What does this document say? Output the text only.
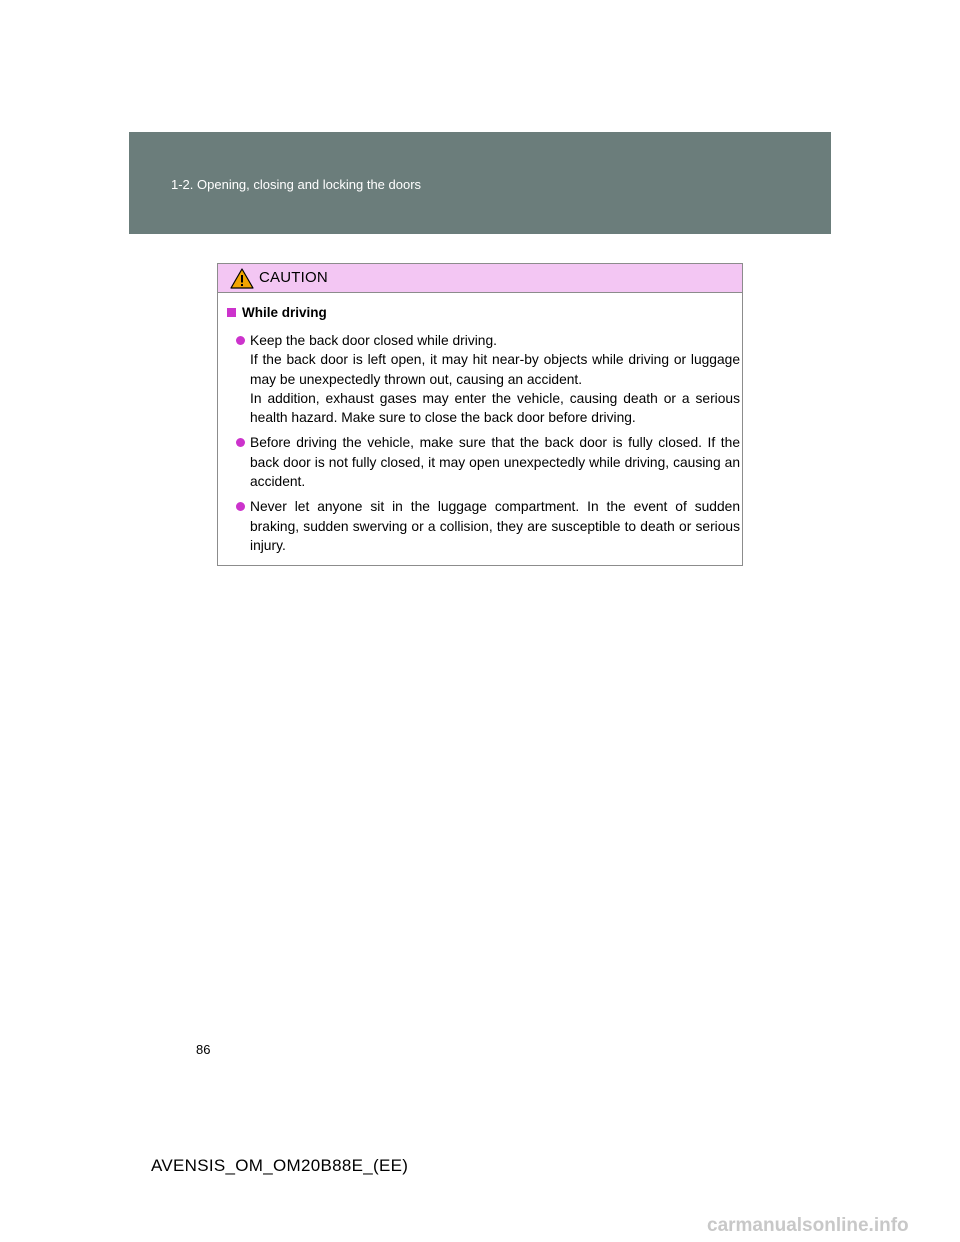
1-2. Opening, closing and locking the doors
CAUTION
While driving

Keep the back door closed while driving.

If the back door is left open, it may hit near-by objects while driving or luggage may be unexpectedly thrown out, causing an accident.

In addition, exhaust gases may enter the vehicle, causing death or a serious health hazard. Make sure to close the back door before driving.

Before driving the vehicle, make sure that the back door is fully closed. If the back door is not fully closed, it may open unexpectedly while driving, causing an accident.

Never let anyone sit in the luggage compartment. In the event of sudden braking, sudden swerving or a collision, they are susceptible to death or serious injury.

86
AVENSIS_OM_OM20B88E_(EE)
carmanualsonline.info
